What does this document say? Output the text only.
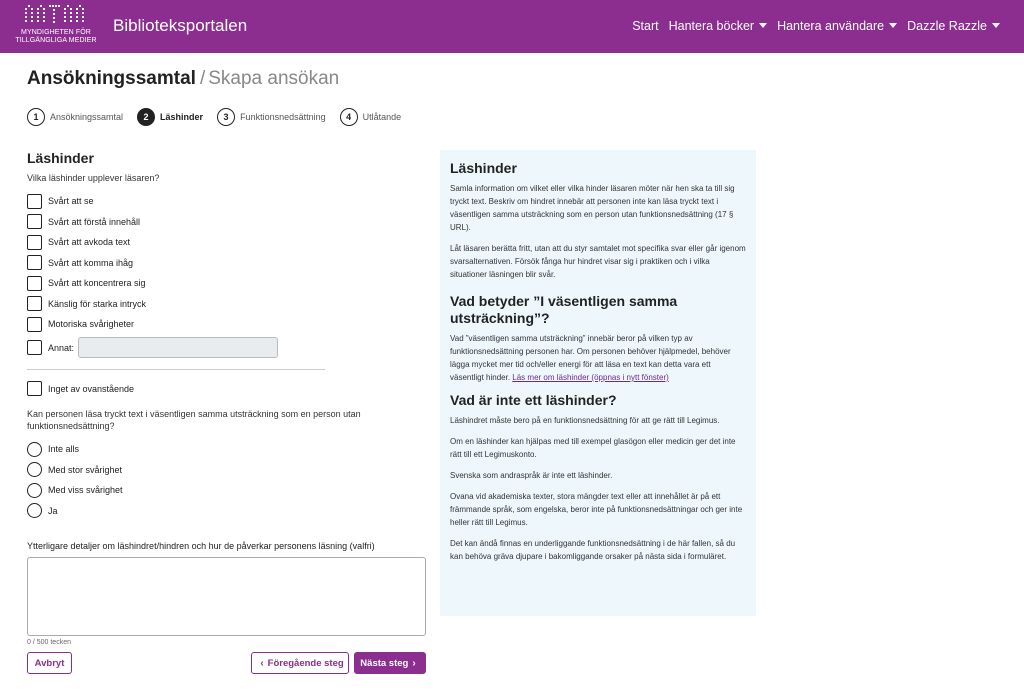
MYNDIGHETEN FÖR
TILLGÄNGLIGA MEDIER
Biblioteksportalen	Start Hantera böcker	Hantera användare	Dazzle Razzle
Ansökningssamtal / Skapa ansökan
1	Ansökningssamtal	2	Läshinder	3	Funktionsnedsättning	4	Utlåtande
Läshinder
Vilka läshinder upplever läsaren?
Svårt att se
Svårt att förstå innehåll
Svårt att avkoda text
Svårt att komma ihåg
Svårt att koncentrera sig
Känslig för starka intryck
Motoriska svårigheter
Annat:
Inget av ovanstående
Kan personen läsa tryckt text i väsentligen samma utsträckning som en person utan funktionsnedsättning?
Inte alls
Med stor svårighet
Med viss svårighet
Ja
Ytterligare detaljer om läshindret/hindren och hur de påverkar personens läsning (valfri)
0 / 500 tecken
Avbryt	‹ Föregående steg Nästa steg ›
Läshinder

Samla information om vilket eller vilka hinder läsaren möter när hen ska ta till sig tryckt text. Beskriv om hindret innebär att personen inte kan läsa tryckt text i väsentligen samma utsträckning som en person utan funktionsnedsättning (17 § URL).

Låt läsaren berätta fritt, utan att du styr samtalet mot specifika svar eller går igenom svarsalternativen. Försök fånga hur hindret visar sig i praktiken och i vilka situationer läsningen blir svår.

Vad betyder ”I väsentligen samma utsträckning”?

Vad ”väsentligen samma utsträckning” innebär beror på vilken typ av funktionsnedsättning personen har. Om personen behöver hjälpmedel, behöver lägga mycket mer tid och/eller energi för att läsa en text kan detta vara ett väsentligt hinder. Läs mer om läshinder (öppnas i nytt fönster)

Vad är inte ett läshinder?

Läshindret måste bero på en funktionsnedsättning för att ge rätt till Legimus.

Om en läshinder kan hjälpas med till exempel glasögon eller medicin ger det inte rätt till ett Legimuskonto.

Svenska som andraspråk är inte ett läshinder.

Ovana vid akademiska texter, stora mängder text eller att innehållet är på ett främmande språk, som engelska, beror inte på funktionsnedsättningar och ger inte heller rätt till Legimus.

Det kan ändå finnas en underliggande funktionsnedsättning i de här fallen, så du kan behöva gräva djupare i bakomliggande orsaker på nästa sida i formuläret.
